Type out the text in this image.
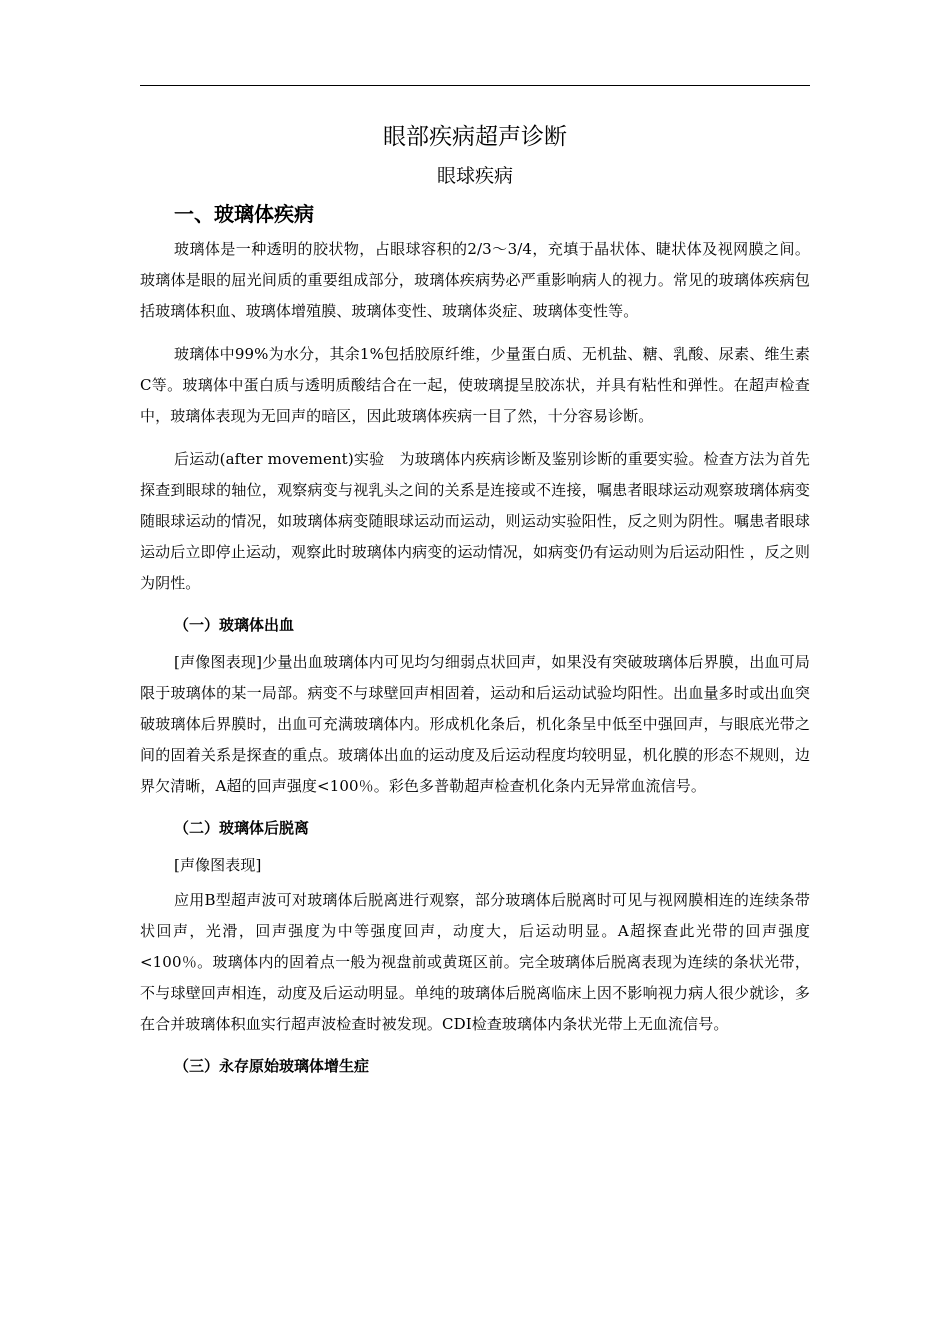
眼部疾病超声诊断
眼球疾病
一、玻璃体疾病

玻璃体是一种透明的胶状物，占眼球容积的2/3～3/4，充填于晶状体、睫状体及视网膜之间。玻璃体是眼的屈光间质的重要组成部分，玻璃体疾病势必严重影响病人的视力。常见的玻璃体疾病包括玻璃体积血、玻璃体增殖膜、玻璃体变性、玻璃体炎症、玻璃体变性等。

玻璃体中99%为水分，其余1%包括胶原纤维，少量蛋白质、无机盐、糖、乳酸、尿素、维生素C等。玻璃体中蛋白质与透明质酸结合在一起，使玻璃提呈胶冻状，并具有粘性和弹性。在超声检查中，玻璃体表现为无回声的暗区，因此玻璃体疾病一目了然，十分容易诊断。

后运动(after movement)实验　为玻璃体内疾病诊断及鉴别诊断的重要实验。检查方法为首先探查到眼球的轴位，观察病变与视乳头之间的关系是连接或不连接，嘱患者眼球运动观察玻璃体病变随眼球运动的情况，如玻璃体病变随眼球运动而运动，则运动实验阳性，反之则为阴性。嘱患者眼球运动后立即停止运动，观察此时玻璃体内病变的运动情况，如病变仍有运动则为后运动阳性 ，反之则为阴性。

（一）玻璃体出血

[声像图表现]少量出血玻璃体内可见均匀细弱点状回声，如果没有突破玻璃体后界膜，出血可局限于玻璃体的某一局部。病变不与球壁回声相固着，运动和后运动试验均阳性。出血量多时或出血突破玻璃体后界膜时，出血可充满玻璃体内。形成机化条后，机化条呈中低至中强回声，与眼底光带之间的固着关系是探查的重点。玻璃体出血的运动度及后运动程度均较明显，机化膜的形态不规则，边界欠清晰，A超的回声强度<100％。彩色多普勒超声检查机化条内无异常血流信号。

（二）玻璃体后脱离

[声像图表现]

应用B型超声波可对玻璃体后脱离进行观察，部分玻璃体后脱离时可见与视网膜相连的连续条带状回声，光滑，回声强度为中等强度回声，动度大，后运动明显。A超探查此光带的回声强度<100％。玻璃体内的固着点一般为视盘前或黄斑区前。完全玻璃体后脱离表现为连续的条状光带，不与球壁回声相连，动度及后运动明显。单纯的玻璃体后脱离临床上因不影响视力病人很少就诊，多在合并玻璃体积血实行超声波检查时被发现。CDI检查玻璃体内条状光带上无血流信号。

（三）永存原始玻璃体增生症
